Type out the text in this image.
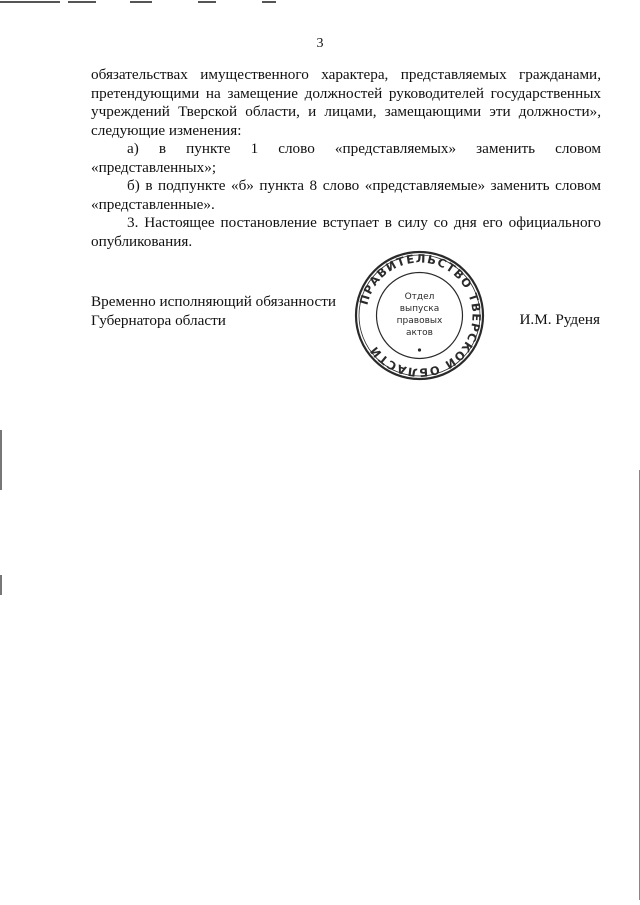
3

обязательствах имущественного характера, представляемых гражданами,

претендующими на замещение должностей руководителей государственных

учреждений Тверской области, и лицами, замещающими эти должности»,

следующие изменения:

а) в пункте 1 слово «представляемых» заменить словом

«представленных»;

б) в подпункте «б» пункта 8 слово «представляемые» заменить словом

«представленные».

3. Настоящее постановление вступает в силу со дня его официального

опубликования.

Временно исполняющий обязанности
Губернатора области	И.М. Руденя
ПРАВИТЕЛЬСТВО ТВЕРСКОЙ ОБЛАСТИ
Отдел
выпуска
правовых
актов
